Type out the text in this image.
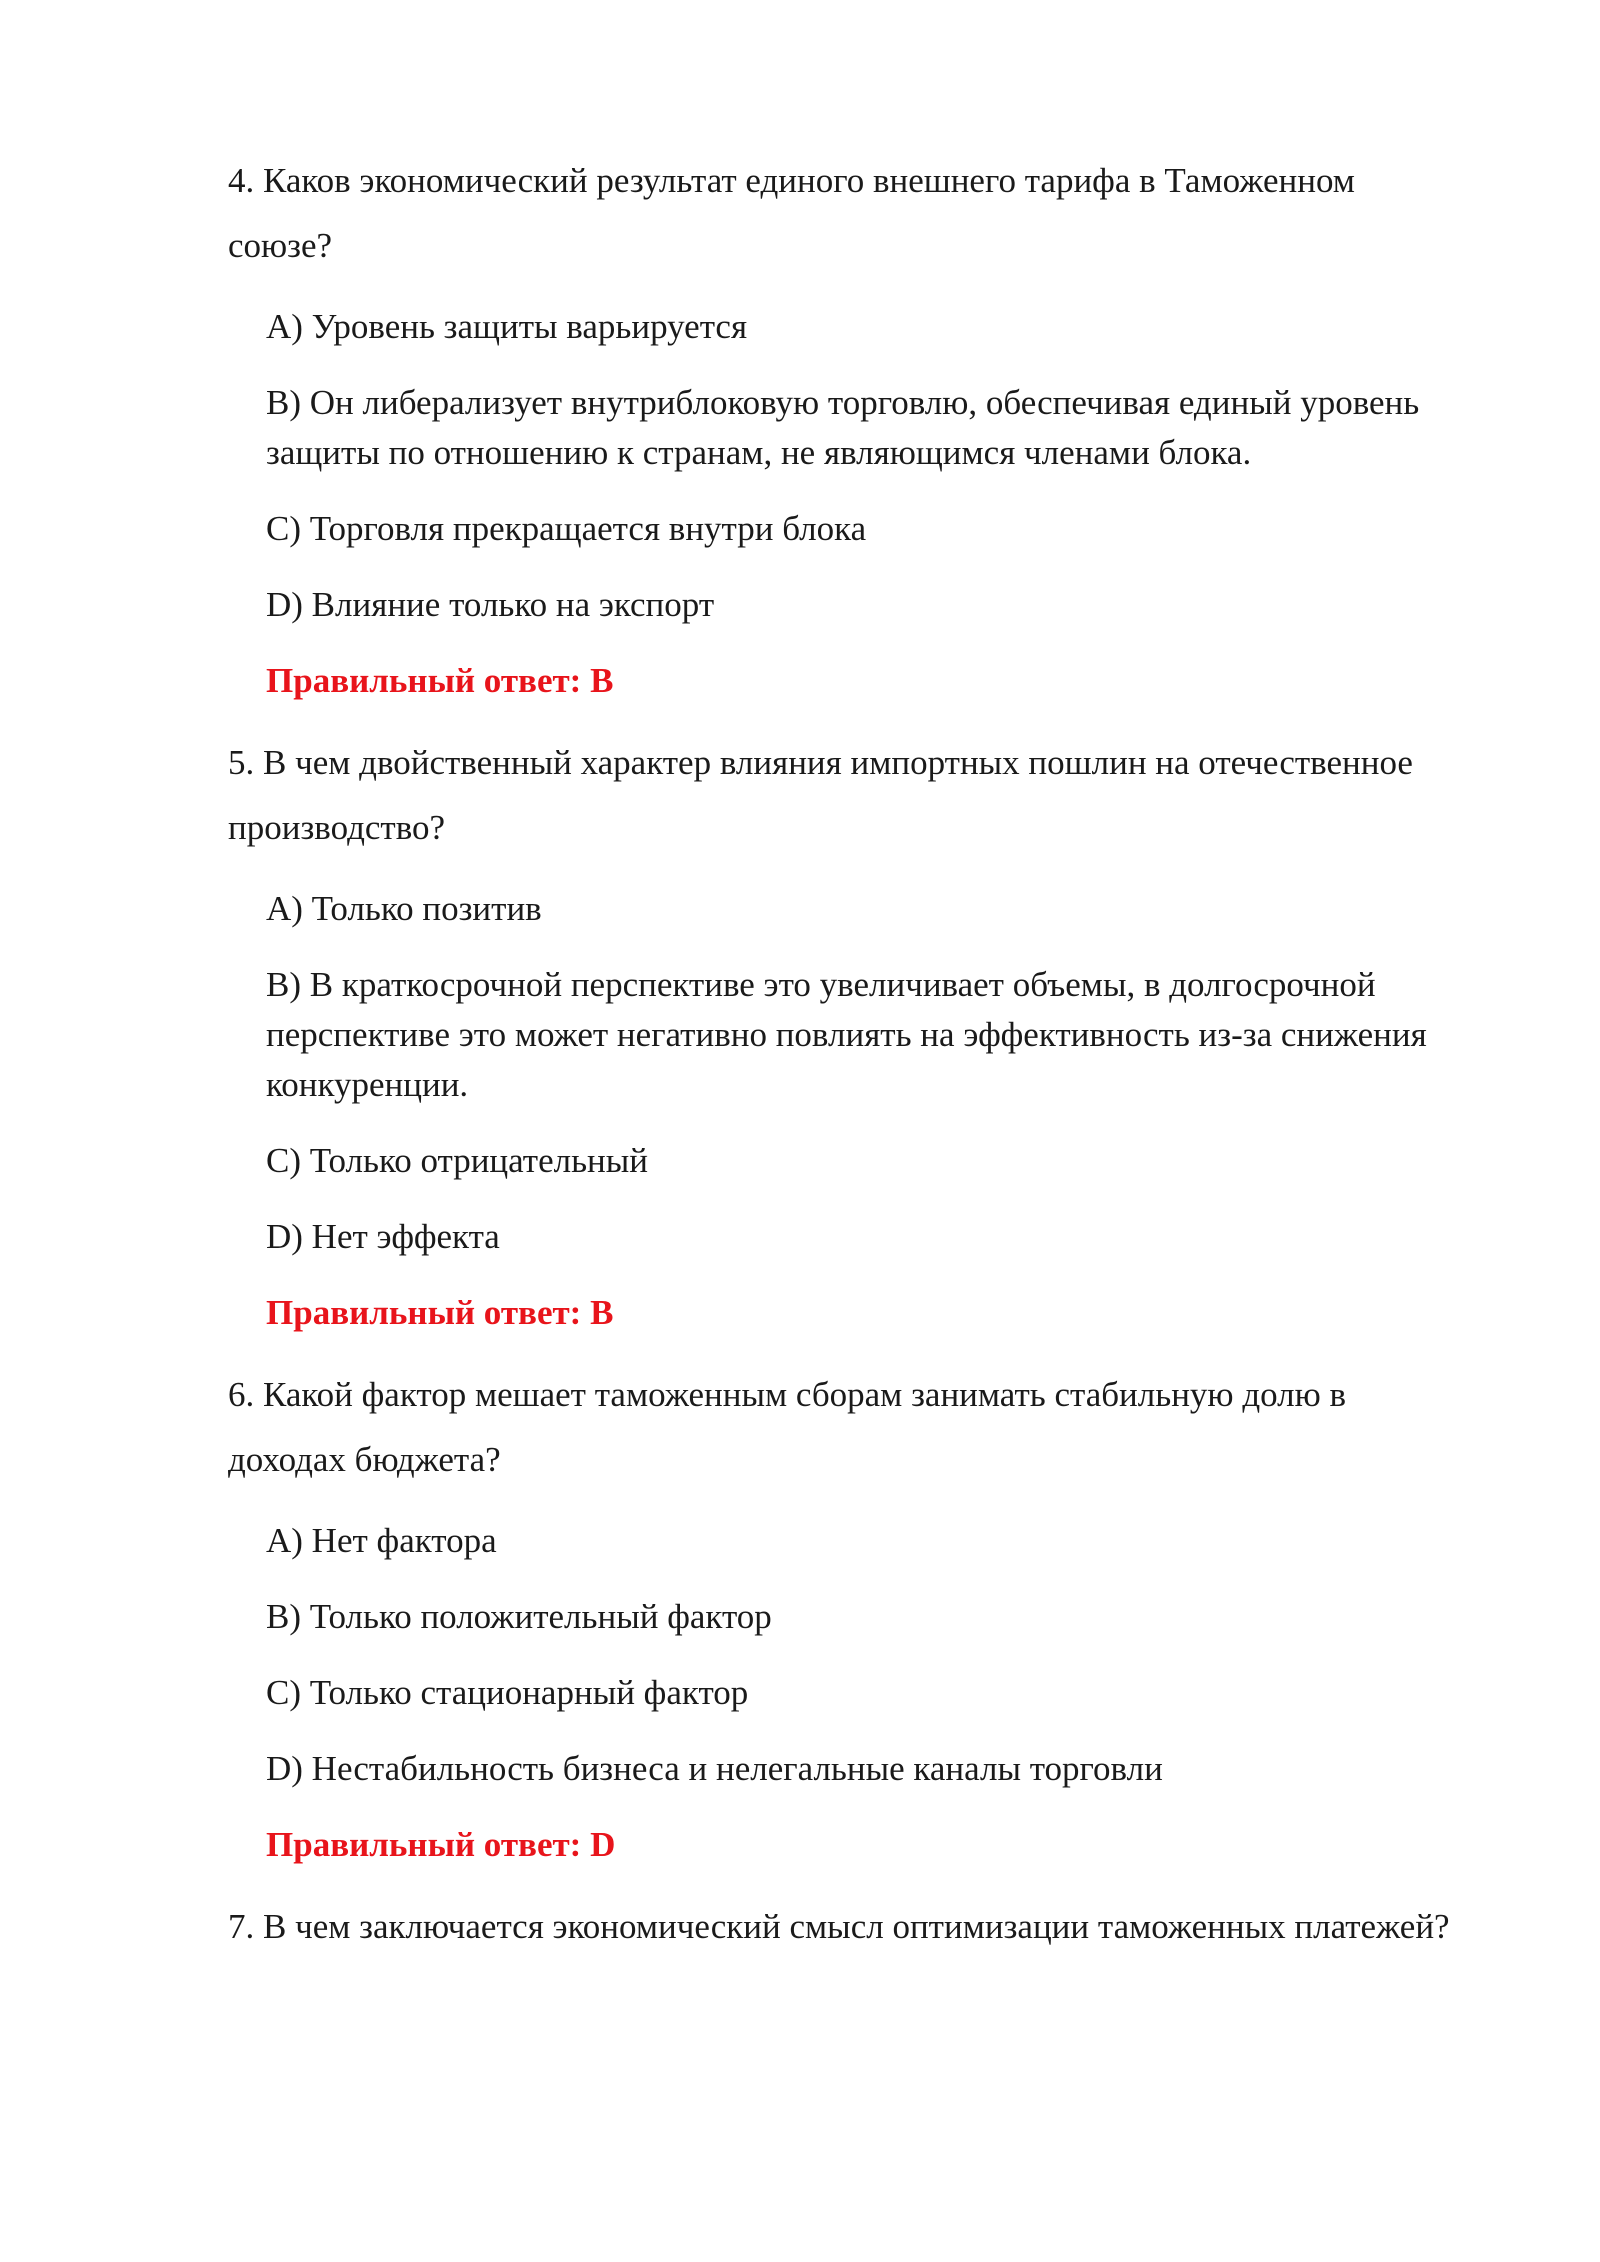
4. Каков экономический результат единого внешнего тарифа в Таможенном союзе?

A) Уровень защиты варьируется

B) Он либерализует внутриблоковую торговлю, обеспечивая единый уровень защиты по отношению к странам, не являющимся членами блока.

C) Торговля прекращается внутри блока

D) Влияние только на экспорт

Правильный ответ: B

5. В чем двойственный характер влияния импортных пошлин на отечественное производство?

A) Только позитив

B) В краткосрочной перспективе это увеличивает объемы, в долгосрочной перспективе это может негативно повлиять на эффективность из-за снижения конкуренции.

C) Только отрицательный

D) Нет эффекта

Правильный ответ: B

6. Какой фактор мешает таможенным сборам занимать стабильную долю в доходах бюджета?

A) Нет фактора

B) Только положительный фактор

C) Только стационарный фактор

D) Нестабильность бизнеса и нелегальные каналы торговли

Правильный ответ: D

7. В чем заключается экономический смысл оптимизации таможенных платежей?
